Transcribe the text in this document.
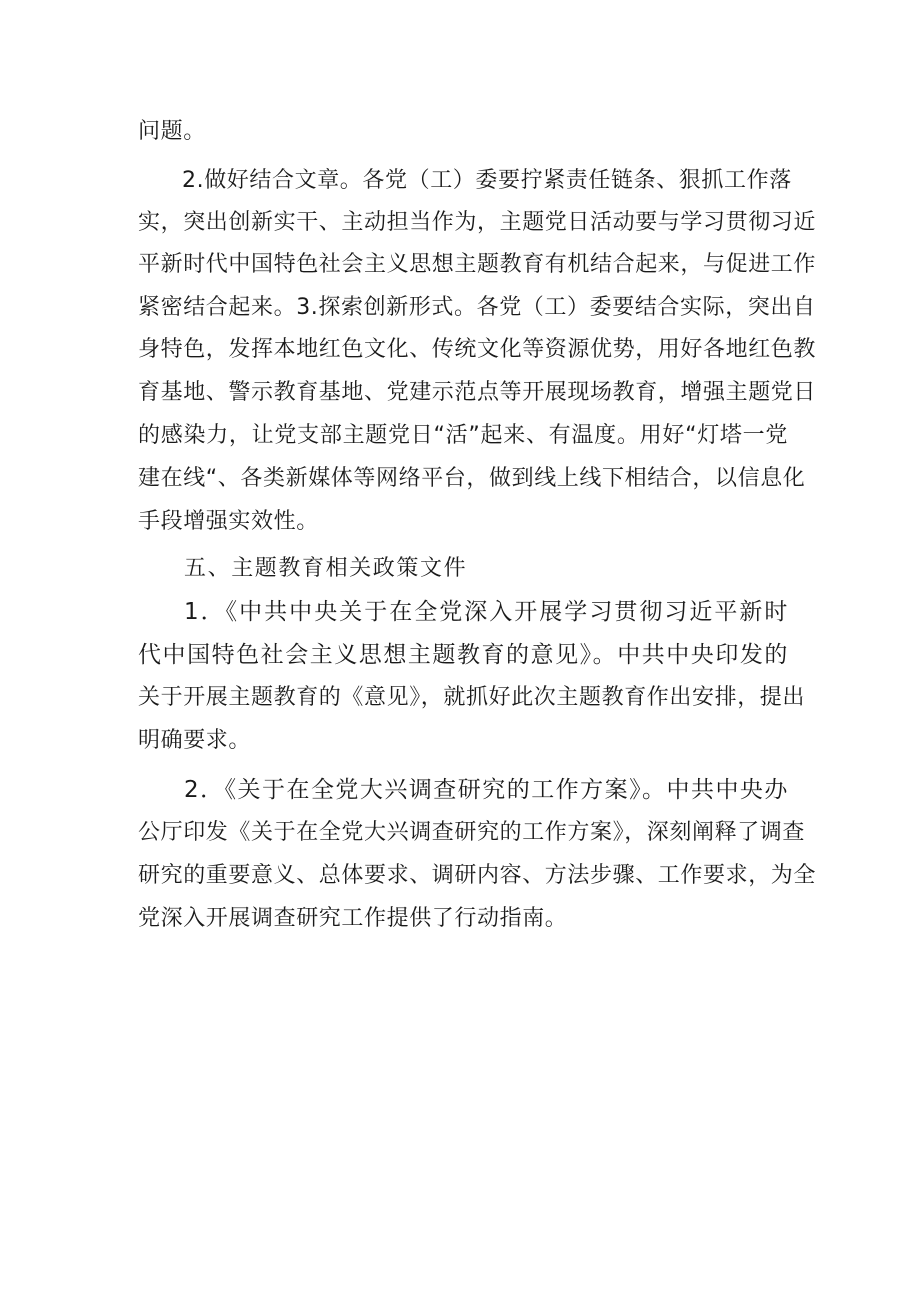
问题。
2.做好结合文章。各党（工）委要拧紧责任链条、狠抓工作落
实，突出创新实干、主动担当作为，主题党日活动要与学习贯彻习近
平新时代中国特色社会主义思想主题教育有机结合起来，与促进工作
紧密结合起来。3.探索创新形式。各党（工）委要结合实际，突出自
身特色，发挥本地红色文化、传统文化等资源优势，用好各地红色教
育基地、警示教育基地、党建示范点等开展现场教育，增强主题党日
的感染力，让党支部主题党日“活”起来、有温度。用好“灯塔一党
建在线“、各类新媒体等网络平台，做到线上线下相结合，以信息化
手段增强实效性。
五、主题教育相关政策文件
1．《中共中央关于在全党深入开展学习贯彻习近平新时
代中国特色社会主义思想主题教育的意见》。中共中央印发的
关于开展主题教育的《意见》，就抓好此次主题教育作出安排，提出
明确要求。
2．《关于在全党大兴调查研究的工作方案》。中共中央办
公厅印发《关于在全党大兴调查研究的工作方案》，深刻阐释了调查
研究的重要意义、总体要求、调研内容、方法步骤、工作要求，为全
党深入开展调查研究工作提供了行动指南。
